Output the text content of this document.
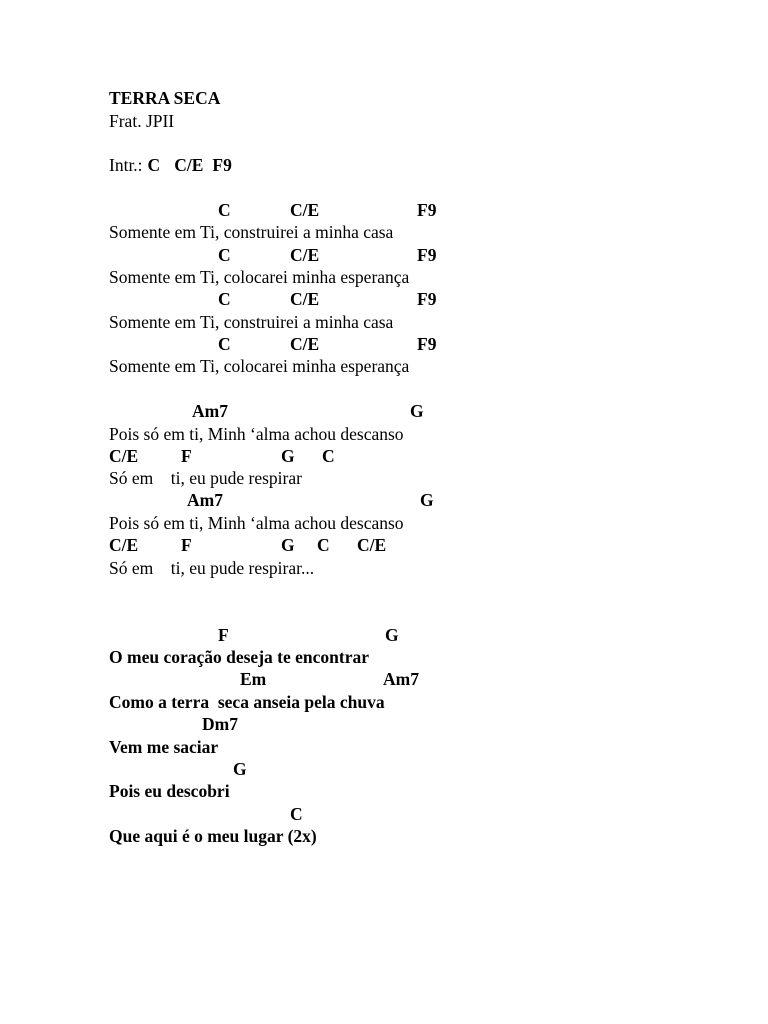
TERRA SECA
Frat. JPII
Intr.: C C/E F9
C	C/E	F9
Somente em Ti, construirei a minha casa
C	C/E	F9
Somente em Ti, colocarei minha esperança
C	C/E	F9
Somente em Ti, construirei a minha casa
C	C/E	F9
Somente em Ti, colocarei minha esperança
Am7	G
Pois só em ti, Minh ‘alma achou descanso
C/E F	G C
Só em    ti, eu pude respirar
Am7	G
Pois só em ti, Minh ‘alma achou descanso
C/E F	G C C/E
Só em    ti, eu pude respirar...
F	G
O meu coração deseja te encontrar
Em	Am7
Como a terra  seca anseia pela chuva
Dm7
Vem me saciar
G
Pois eu descobri
C
Que aqui é o meu lugar (2x)
